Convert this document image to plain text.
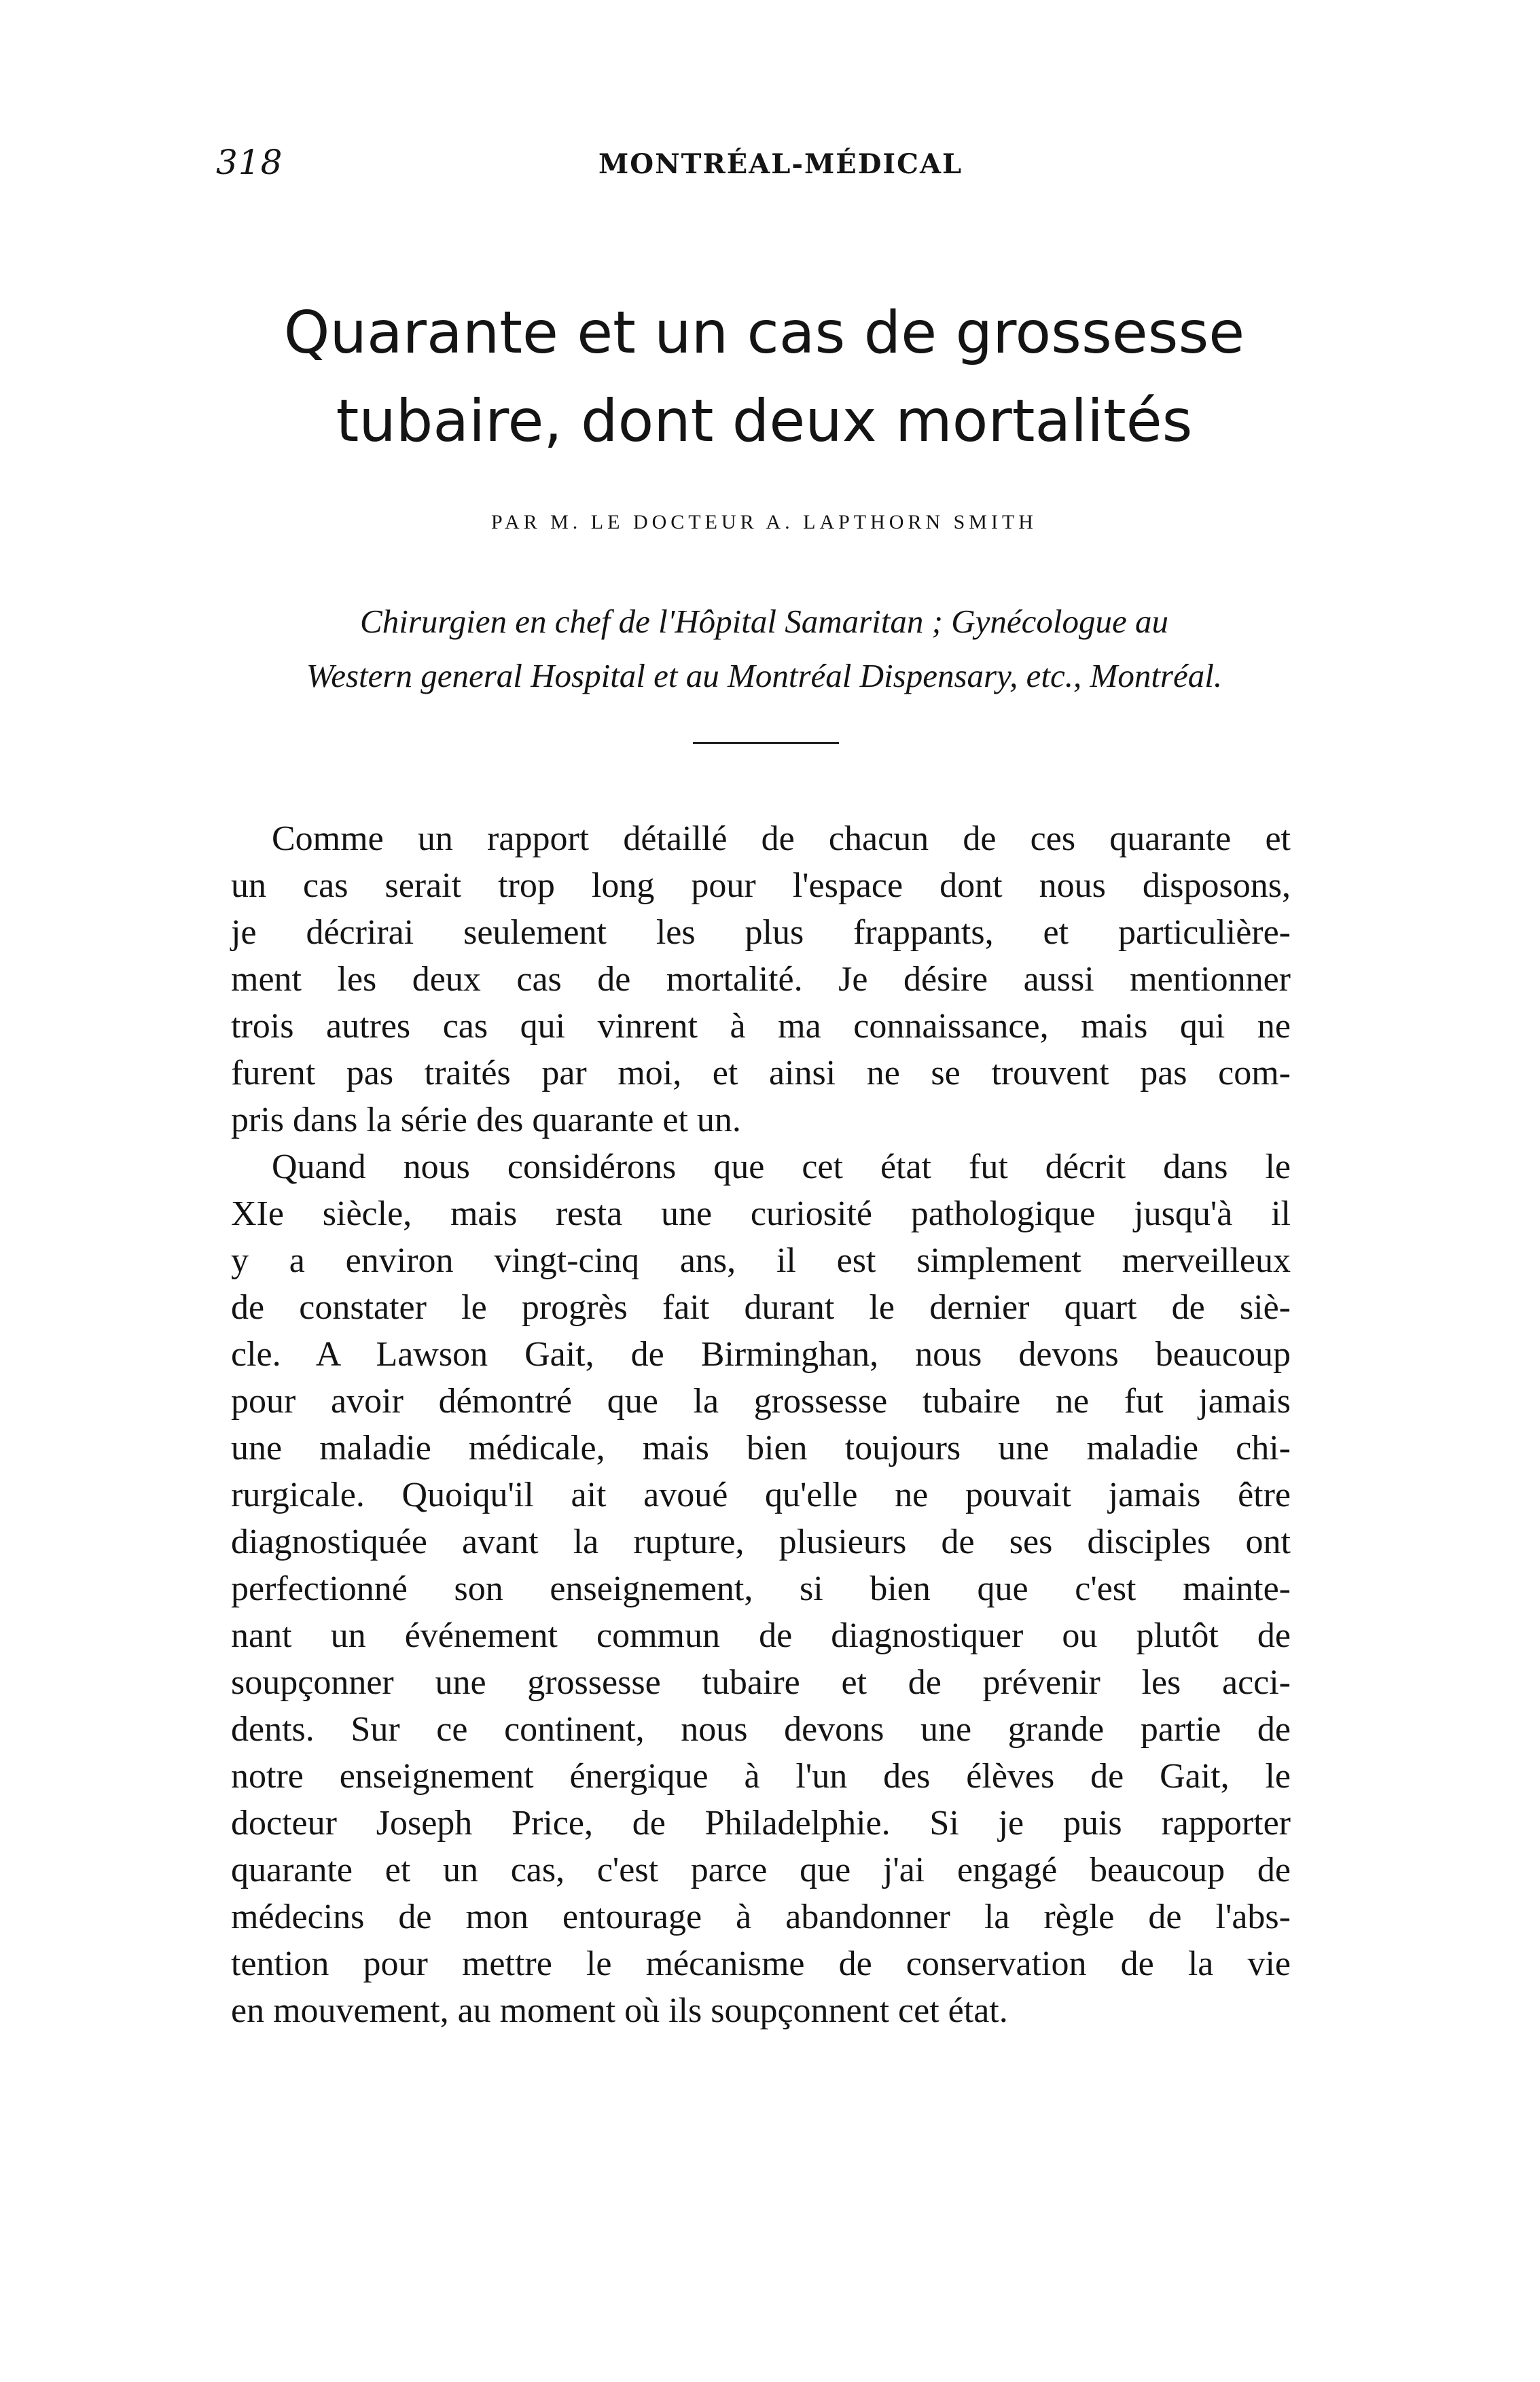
318	MONTRÉAL-MÉDICAL
Quarante et un cas de grossesse
tubaire, dont deux mortalités
PAR M. LE DOCTEUR A. LAPTHORN SMITH
Chirurgien en chef de l'Hôpital Samaritan ; Gynécologue au
Western general Hospital et au Montréal Dispensary, etc., Montréal.

Comme un rapport détaillé de chacun de ces quarante et
un cas serait trop long pour l'espace dont nous disposons,
je décrirai seulement les plus frappants, et particulière-
ment les deux cas de mortalité. Je désire aussi mentionner
trois autres cas qui vinrent à ma connaissance, mais qui ne
furent pas traités par moi, et ainsi ne se trouvent pas com-
pris dans la série des quarante et un.

Quand nous considérons que cet état fut décrit dans le
XIe siècle, mais resta une curiosité pathologique jusqu'à il
y a environ vingt-cinq ans, il est simplement merveilleux
de constater le progrès fait durant le dernier quart de siè-
cle. A Lawson Gait, de Birminghan, nous devons beaucoup
pour avoir démontré que la grossesse tubaire ne fut jamais
une maladie médicale, mais bien toujours une maladie chi-
rurgicale. Quoiqu'il ait avoué qu'elle ne pouvait jamais être
diagnostiquée avant la rupture, plusieurs de ses disciples ont
perfectionné son enseignement, si bien que c'est mainte-
nant un événement commun de diagnostiquer ou plutôt de
soupçonner une grossesse tubaire et de prévenir les acci-
dents. Sur ce continent, nous devons une grande partie de
notre enseignement énergique à l'un des élèves de Gait, le
docteur Joseph Price, de Philadelphie. Si je puis rapporter
quarante et un cas, c'est parce que j'ai engagé beaucoup de
médecins de mon entourage à abandonner la règle de l'abs-
tention pour mettre le mécanisme de conservation de la vie
en mouvement, au moment où ils soupçonnent cet état.
